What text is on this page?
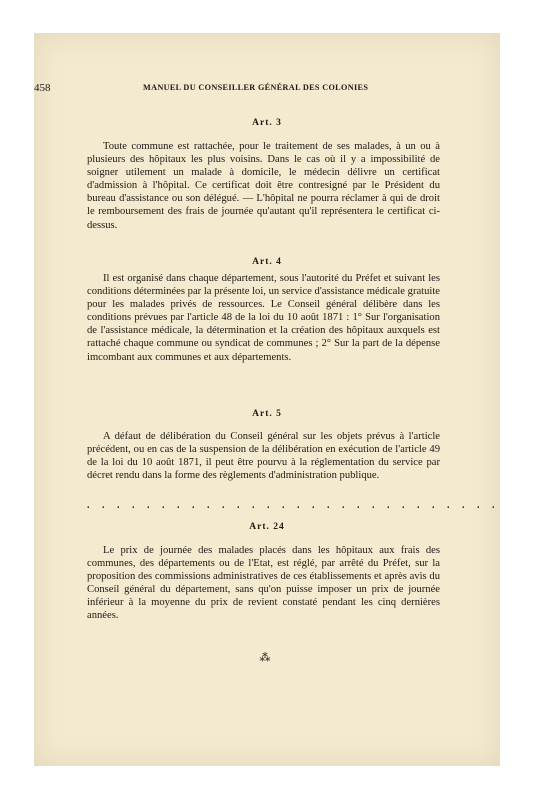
458	MANUEL DU CONSEILLER GÉNÉRAL DES COLONIES
Art. 3
Toute commune est rattachée, pour le traitement de ses malades, à un ou à plusieurs des hôpitaux les plus voisins. Dans le cas où il y a impossibilité de soigner utilement un malade à domicile, le médecin délivre un certificat d'admission à l'hôpital. Ce certificat doit être contresigné par le Président du bureau d'assistance ou son délégué. — L'hôpital ne pourra réclamer à qui de droit le remboursement des frais de journée qu'autant qu'il représentera le certificat ci-dessus.
Art. 4
Il est organisé dans chaque département, sous l'autorité du Préfet et suivant les conditions déterminées par la présente loi, un service d'assistance médicale gratuite pour les malades privés de ressources. Le Conseil général délibère dans les conditions prévues par l'article 48 de la loi du 10 août 1871 : 1° Sur l'organisation de l'assistance médicale, la détermination et la création des hôpitaux auxquels est rattaché chaque commune ou syndicat de communes ; 2° Sur la part de la dépense imcombant aux communes et aux départements.
Art. 5
A défaut de délibération du Conseil général sur les objets prévus à l'article précédent, ou en cas de la suspension de la délibération en exécution de l'article 49 de la loi du 10 août 1871, il peut être pourvu à la réglementation du service par décret rendu dans la forme des règlements d'administration publique.
. . . . . . . . . . . . . . . . . . . . . . . . . . . .
Art. 24
Le prix de journée des malades placés dans les hôpitaux aux frais des communes, des départements ou de l'Etat, est réglé, par arrêté du Préfet, sur la proposition des commissions administratives de ces établissements et après avis du Conseil général du département, sans qu'on puisse imposer un prix de journée inférieur à la moyenne du prix de revient constaté pendant les cinq dernières années.
⁂
